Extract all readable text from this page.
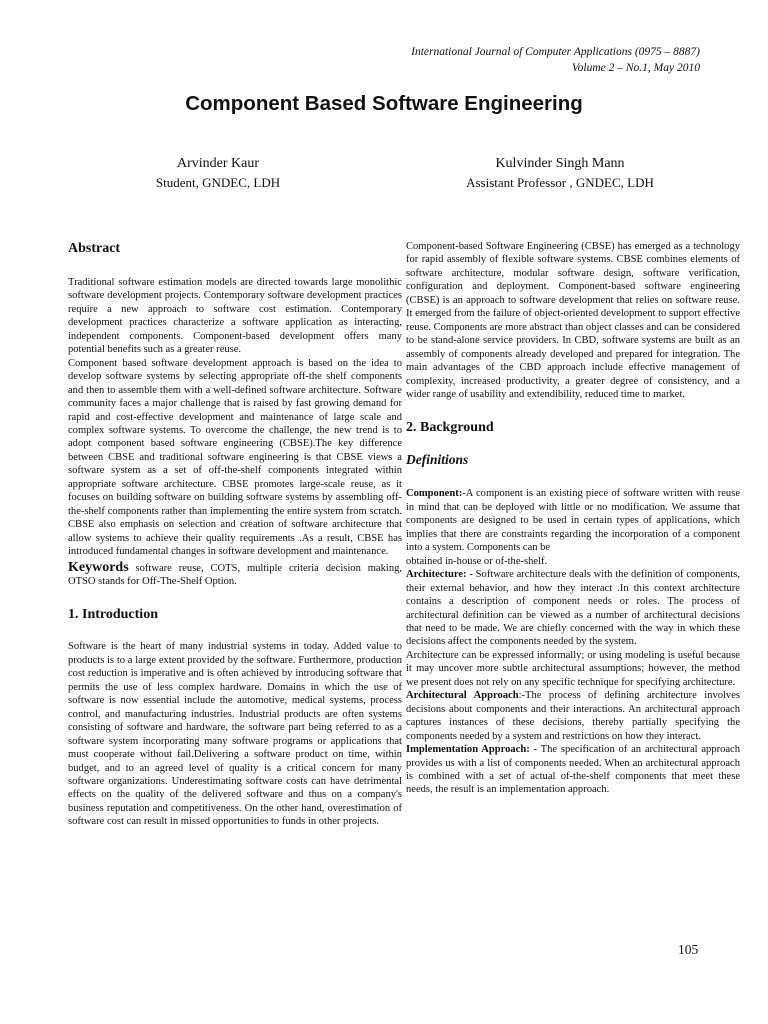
International Journal of Computer Applications (0975 – 8887)
Volume 2 – No.1, May 2010
Component Based Software Engineering
Arvinder Kaur
Student, GNDEC, LDH
Kulvinder Singh Mann
Assistant Professor , GNDEC, LDH
Abstract

Traditional software estimation models are directed towards large monolithic software development projects. Contemporary software development practices require a new approach to software cost estimation. Contemporary development practices characterize a software application as interacting, independent components. Component-based development offers many potential benefits such as a greater reuse.

Component based software development approach is based on the idea to develop software systems by selecting appropriate off-the shelf components and then to assemble them with a well-defined software architecture. Software community faces a major challenge that is raised by fast growing demand for rapid and cost-effective development and maintenance of large scale and complex software systems. To overcome the challenge, the new trend is to adopt component based software engineering (CBSE).The key difference between CBSE and traditional software engineering is that CBSE views a software system as a set of off-the-shelf components integrated within appropriate software architecture. CBSE promotes large-scale reuse, as it focuses on building software on building software systems by assembling off-the-shelf components rather than implementing the entire system from scratch. CBSE also emphasis on selection and creation of software architecture that allow systems to achieve their quality requirements .As a result, CBSE has introduced fundamental changes in software development and maintenance.

Keywords software reuse, COTS, multiple criteria decision making, OTSO stands for Off-The-Shelf Option.

1. Introduction

Software is the heart of many industrial systems in today. Added value to products is to a large extent provided by the software. Furthermore, production cost reduction is imperative and is often achieved by introducing software that permits the use of less complex hardware. Domains in which the use of software is now essential include the automotive, medical systems, process control, and manufacturing industries. Industrial products are often systems consisting of software and hardware, the software part being referred to as a software system incorporating many software programs or applications that must cooperate without fail.Delivering a software product on time, within budget, and to an agreed level of quality is a critical concern for many software organizations. Underestimating software costs can have detrimental effects on the quality of the delivered software and thus on a company's business reputation and competitiveness. On the other hand, overestimation of software cost can result in missed opportunities to funds in other projects.

Component-based Software Engineering (CBSE) has emerged as a technology for rapid assembly of flexible software systems. CBSE combines elements of software architecture, modular software design, software verification, configuration and deployment. Component-based software engineering (CBSE) is an approach to software development that relies on software reuse. It emerged from the failure of object-oriented development to support effective reuse. Components are more abstract than object classes and can be considered to be stand-alone service providers. In CBD, software systems are built as an assembly of components already developed and prepared for integration. The main advantages of the CBD approach include effective management of complexity, increased productivity, a greater degree of consistency, and a wider range of usability and extendibility, reduced time to market.

2. Background
Definitions

Component:-A component is an existing piece of software written with reuse in mind that can be deployed with little or no modification. We assume that components are designed to be used in certain types of applications, which implies that there are constraints regarding the incorporation of a component into a system. Components can be

obtained in-house or of-the-shelf.

Architecture: - Software architecture deals with the definition of components, their external behavior, and how they interact .In this context architecture contains a description of component needs or roles. The process of architectural definition can be viewed as a number of architectural decisions that need to be made. We are chiefly concerned with the way in which these decisions affect the components needed by the system.

Architecture can be expressed informally; or using modeling is useful because it may uncover more subtle architectural assumptions; however, the method we present does not rely on any specific technique for specifying architecture.

Architectural Approach:-The process of defining architecture involves decisions about components and their interactions. An architectural approach captures instances of these decisions, thereby partially specifying the components needed by a system and restrictions on how they interact.

Implementation Approach: - The specification of an architectural approach provides us with a list of components needed. When an architectural approach is combined with a set of actual of-the-shelf components that meet these needs, the result is an implementation approach.

105
